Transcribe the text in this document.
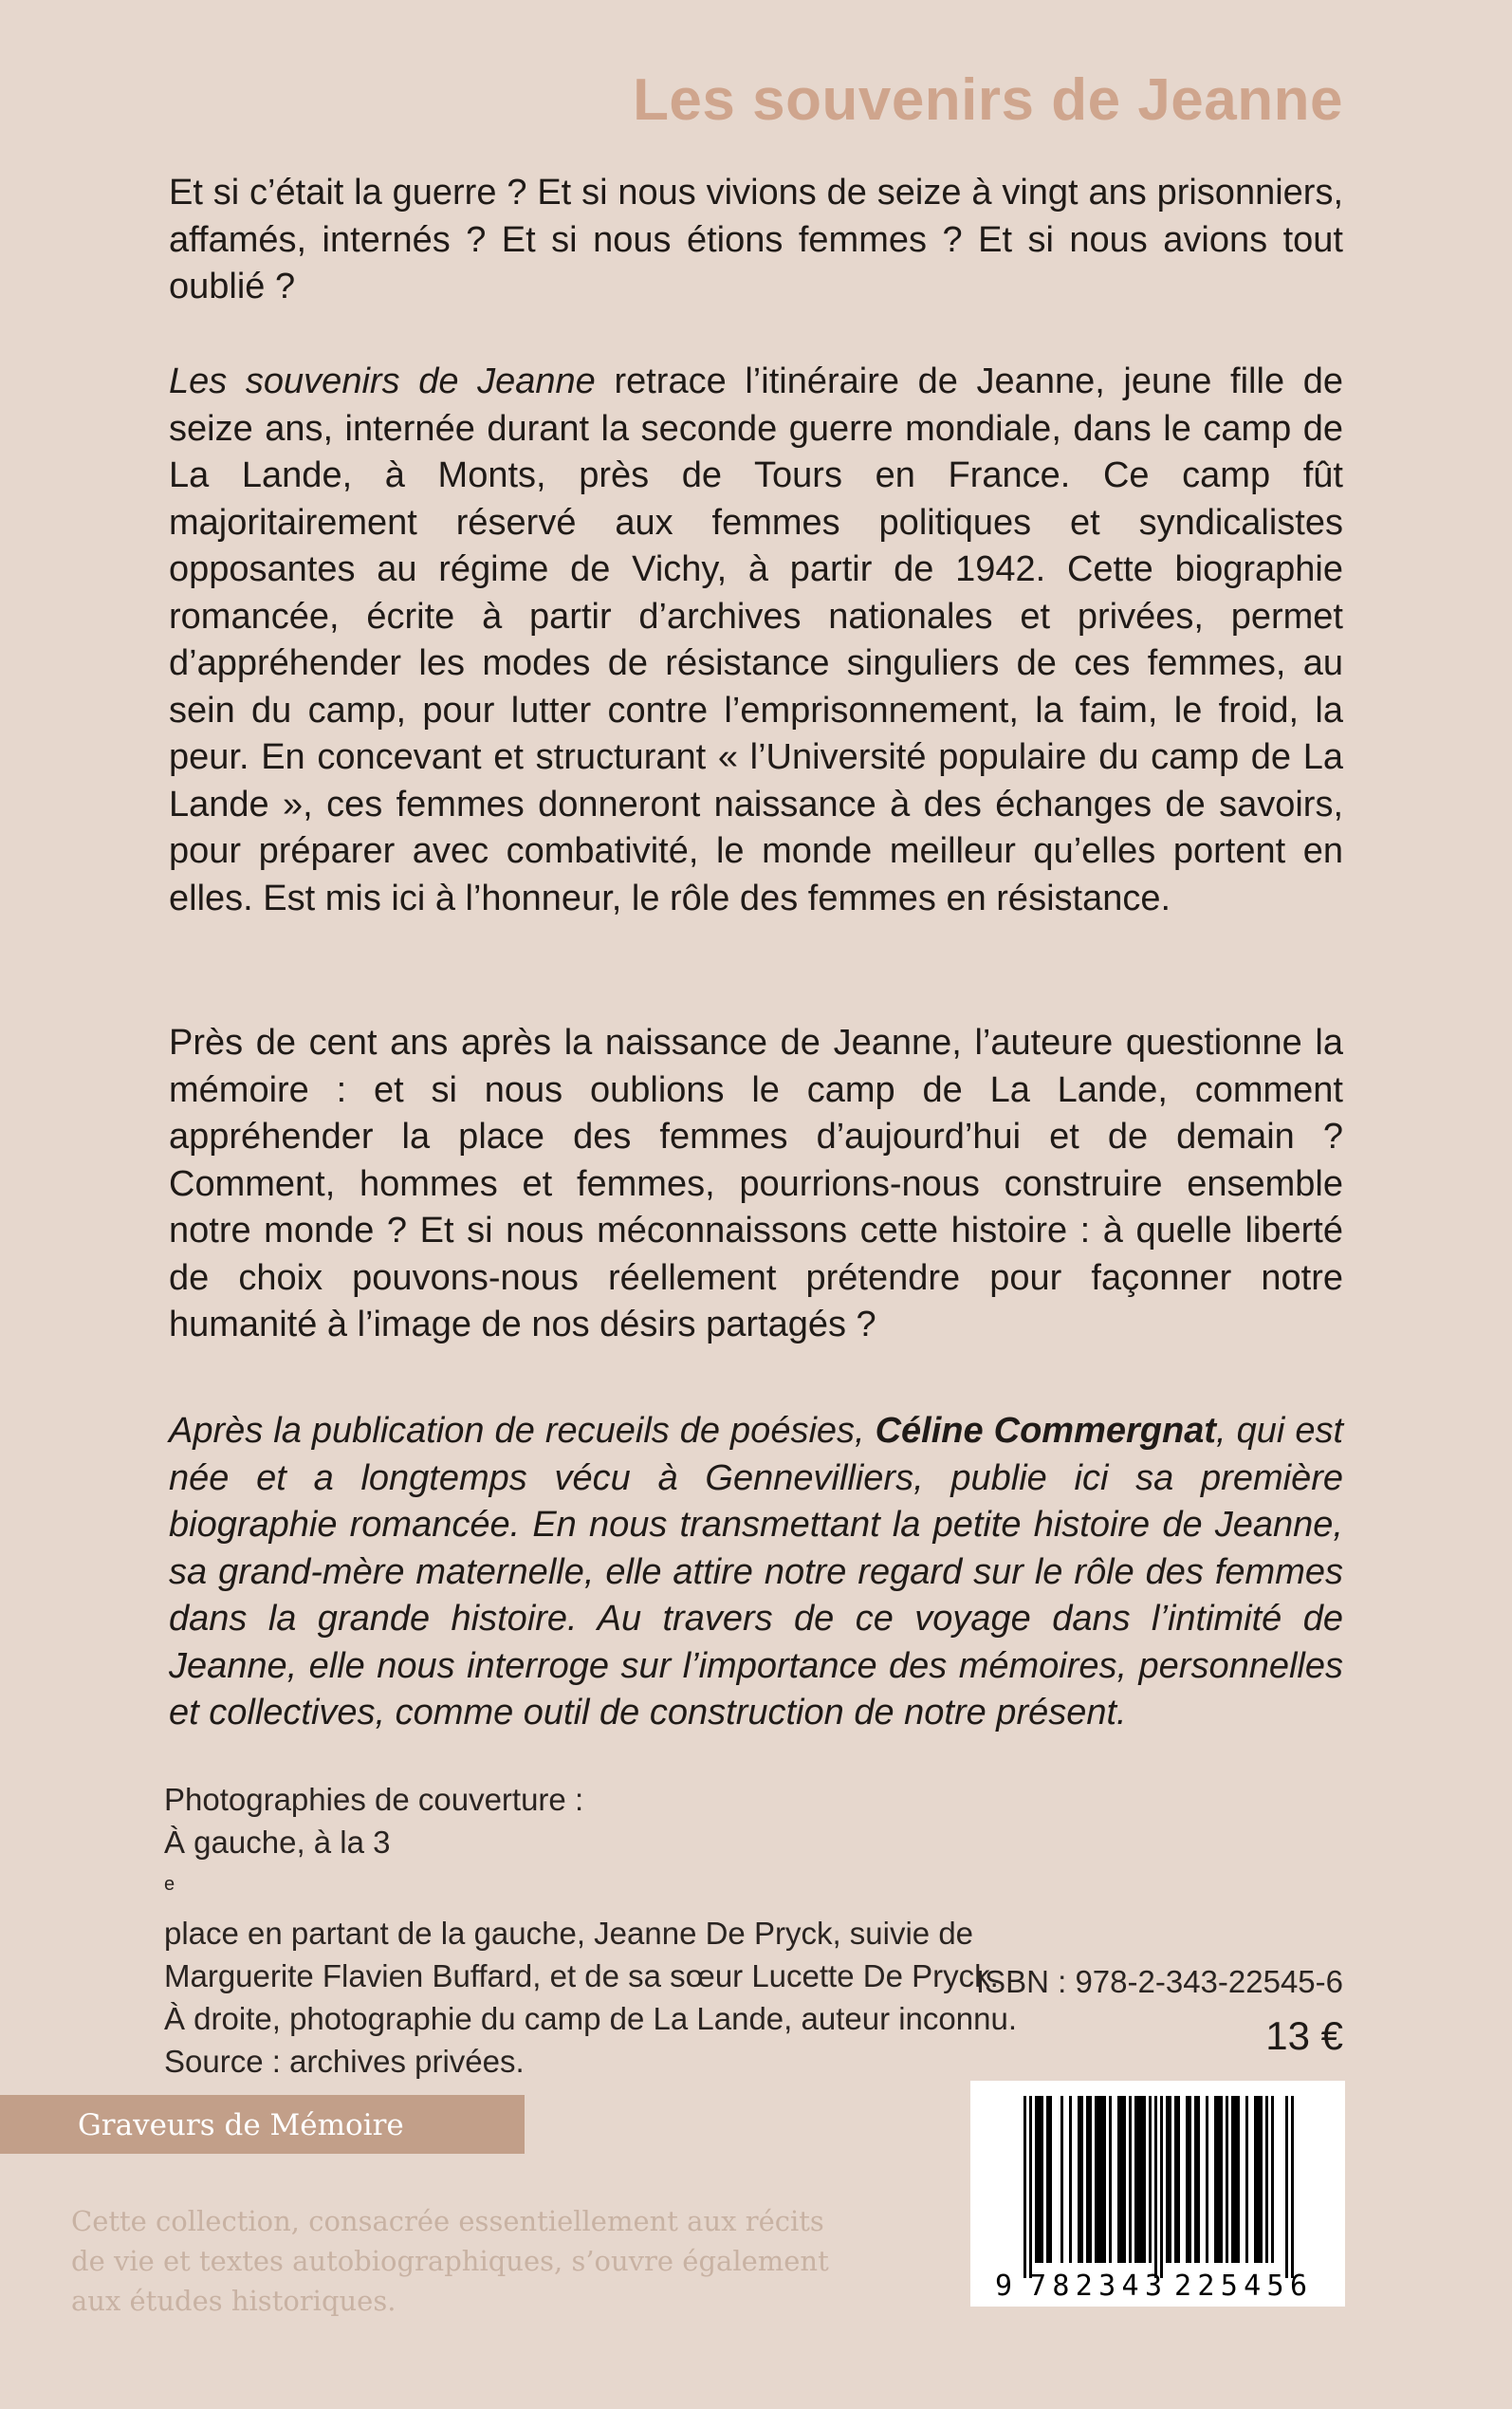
Les souvenirs de Jeanne

Et si c’était la guerre ? Et si nous vivions de seize à vingt ans prisonniers, affamés, internés ? Et si nous étions femmes ? Et si nous avions tout oublié ?

Les souvenirs de Jeanne retrace l’itinéraire de Jeanne, jeune fille de seize ans, internée durant la seconde guerre mondiale, dans le camp de La Lande, à Monts, près de Tours en France. Ce camp fût majoritairement réservé aux femmes politiques et syndicalistes opposantes au régime de Vichy, à partir de 1942. Cette biographie romancée, écrite à partir d’archives nationales et privées, permet d’appréhender les modes de résistance singuliers de ces femmes, au sein du camp, pour lutter contre l’emprisonnement, la faim, le froid, la peur. En concevant et structurant « l’Université populaire du camp de La Lande », ces femmes donneront naissance à des échanges de savoirs, pour préparer avec combativité, le monde meilleur qu’elles portent en elles. Est mis ici à l’honneur, le rôle des femmes en résistance.

Près de cent ans après la naissance de Jeanne, l’auteure questionne la mémoire : et si nous oublions le camp de La Lande, comment appréhender la place des femmes d’aujourd’hui et de demain ? Comment, hommes et femmes, pourrions-nous construire ensemble notre monde ? Et si nous méconnaissons cette histoire : à quelle liberté de choix pouvons-nous réellement prétendre pour façonner notre humanité à l’image de nos désirs partagés ?

Après la publication de recueils de poésies, Céline Commergnat, qui est née et a longtemps vécu à Gennevilliers, publie ici sa première biographie romancée. En nous transmettant la petite histoire de Jeanne, sa grand-mère maternelle, elle attire notre regard sur le rôle des femmes dans la grande histoire. Au travers de ce voyage dans l’intimité de Jeanne, elle nous interroge sur l’importance des mémoires, personnelles et collectives, comme outil de construction de notre présent.

Photographies de couverture :
À gauche, à la 3
$^e$
place en partant de la gauche, Jeanne De Pryck, suivie de
Marguerite Flavien Buffard, et de sa sœur Lucette De Pryck.
À droite, photographie du camp de La Lande, auteur inconnu.
Source : archives privées.
ISBN : 978-2-343-22545-6
13 €
Graveurs de Mémoire
Cette collection, consacrée essentiellement aux récits
de vie et textes autobiographiques, s’ouvre également
aux études historiques.	9 782343 225456
